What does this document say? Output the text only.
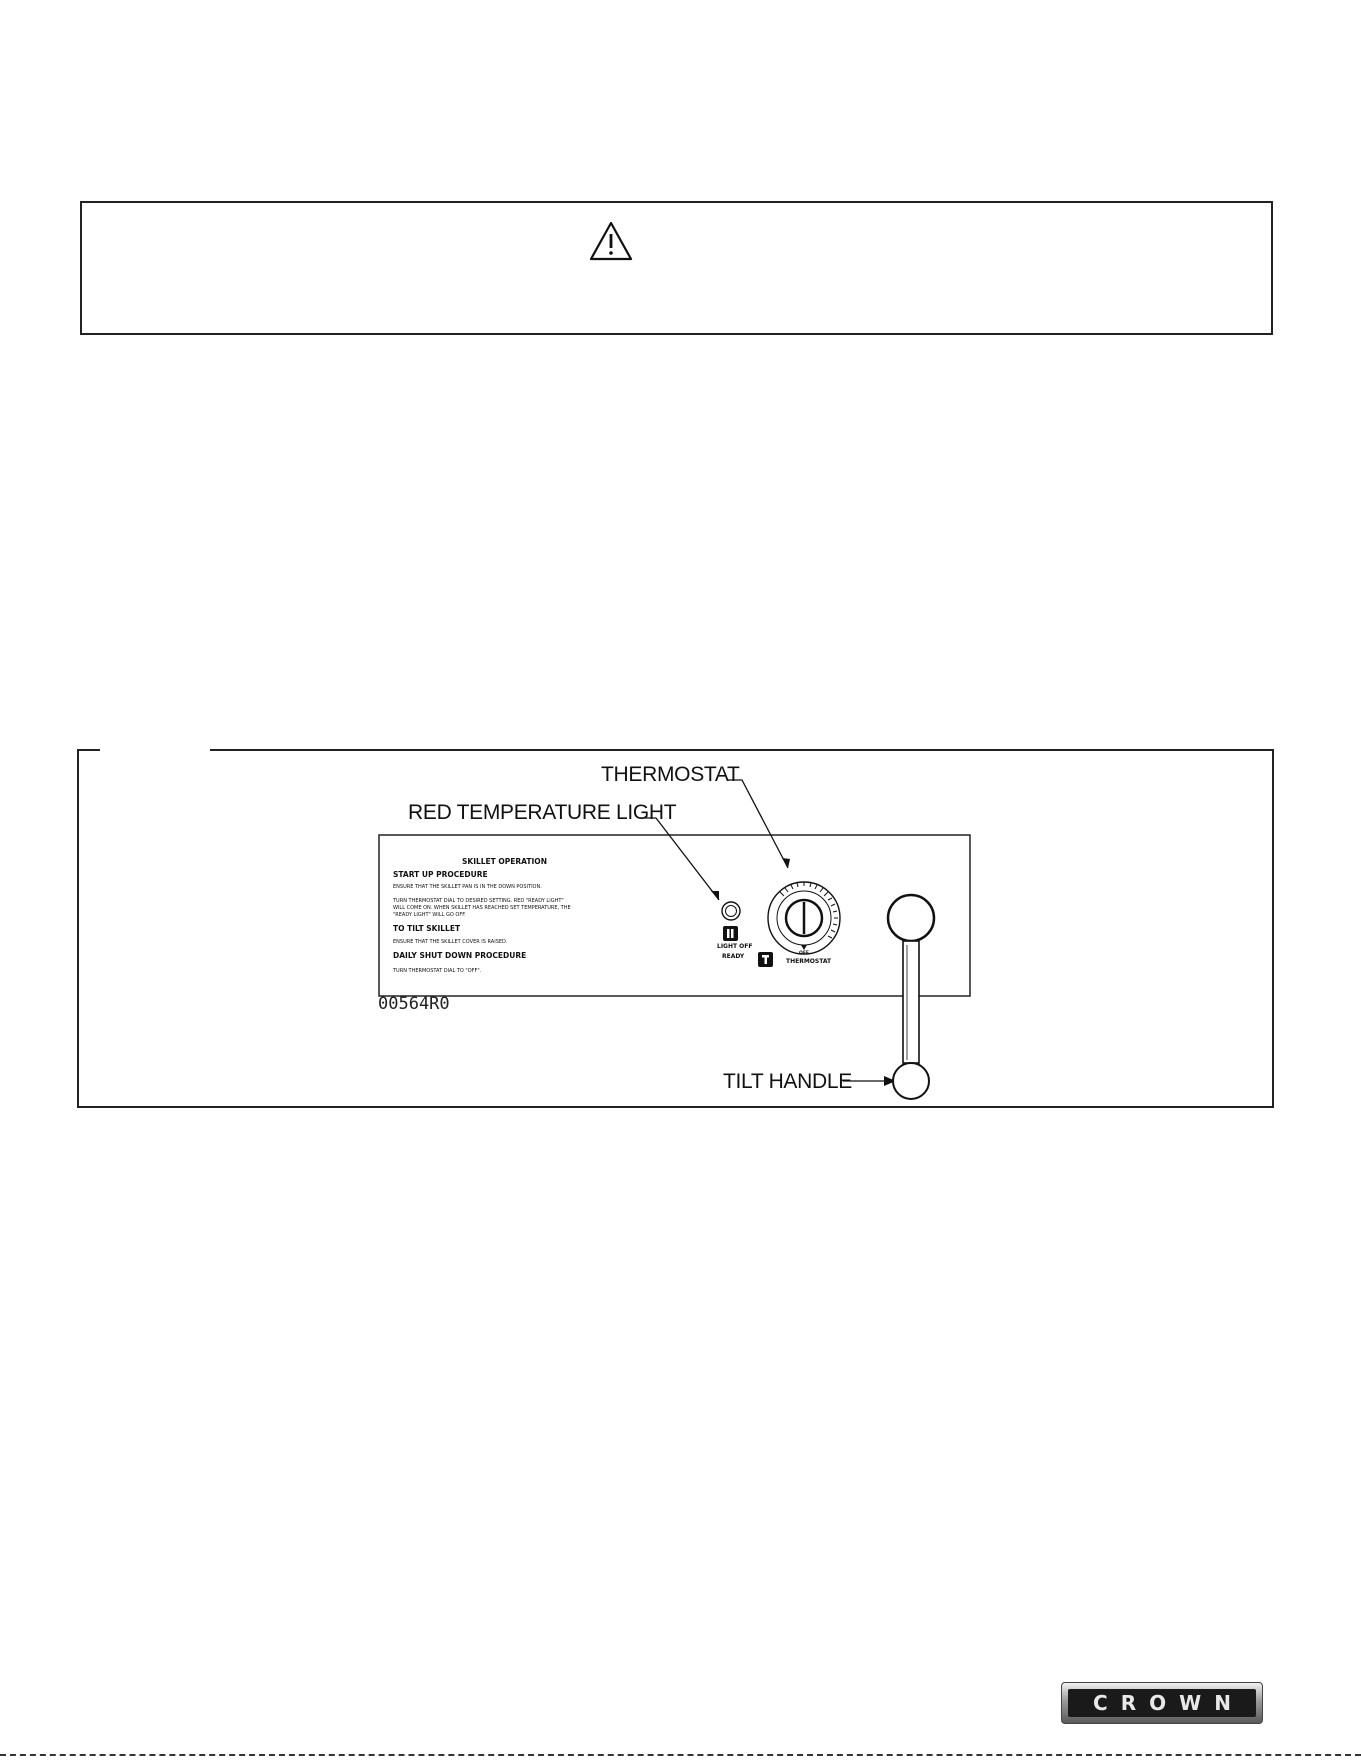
THERMOSTAT
RED TEMPERATURE LIGHT
TILT HANDLE
00564R0
SKILLET OPERATION
START UP PROCEDURE
ENSURE THAT THE SKILLET PAN IS IN THE DOWN POSITION.
TURN THERMOSTAT DIAL TO DESIRED SETTING. RED "READY LIGHT"
WILL COME ON. WHEN SKILLET HAS REACHED SET TEMPERATURE, THE
"READY LIGHT" WILL GO OFF.
TO TILT SKILLET
ENSURE THAT THE SKILLET COVER IS RAISED.
DAILY SHUT DOWN PROCEDURE
TURN THERMOSTAT DIAL TO "OFF".
LIGHT OFF
READY	OFF
THERMOSTAT
CROWN
